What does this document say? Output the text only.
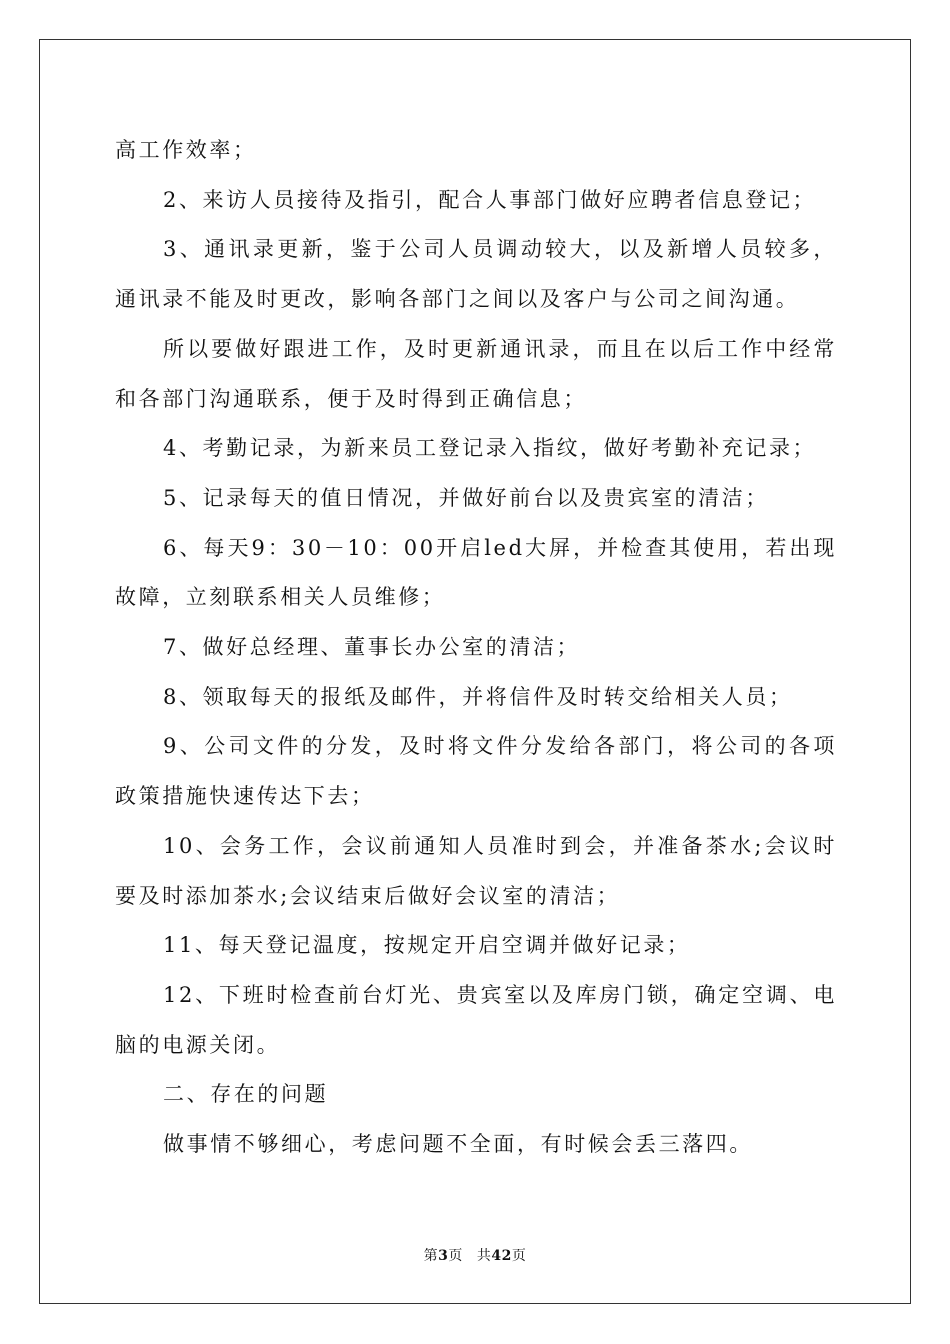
高工作效率；

2、来访人员接待及指引，配合人事部门做好应聘者信息登记；

3、通讯录更新，鉴于公司人员调动较大，以及新增人员较多，通讯录不能及时更改，影响各部门之间以及客户与公司之间沟通。

所以要做好跟进工作，及时更新通讯录，而且在以后工作中经常和各部门沟通联系，便于及时得到正确信息；

4、考勤记录，为新来员工登记录入指纹，做好考勤补充记录；

5、记录每天的值日情况，并做好前台以及贵宾室的清洁；

6、每天9：30－10：00开启led大屏，并检查其使用，若出现故障，立刻联系相关人员维修；

7、做好总经理、董事长办公室的清洁；

8、领取每天的报纸及邮件，并将信件及时转交给相关人员；

9、公司文件的分发，及时将文件分发给各部门，将公司的各项政策措施快速传达下去；

10、会务工作，会议前通知人员准时到会，并准备茶水;会议时要及时添加茶水;会议结束后做好会议室的清洁；

11、每天登记温度，按规定开启空调并做好记录；

12、下班时检查前台灯光、贵宾室以及库房门锁，确定空调、电脑的电源关闭。

二、存在的问题

做事情不够细心，考虑问题不全面，有时候会丢三落四。

第3页 共42页
